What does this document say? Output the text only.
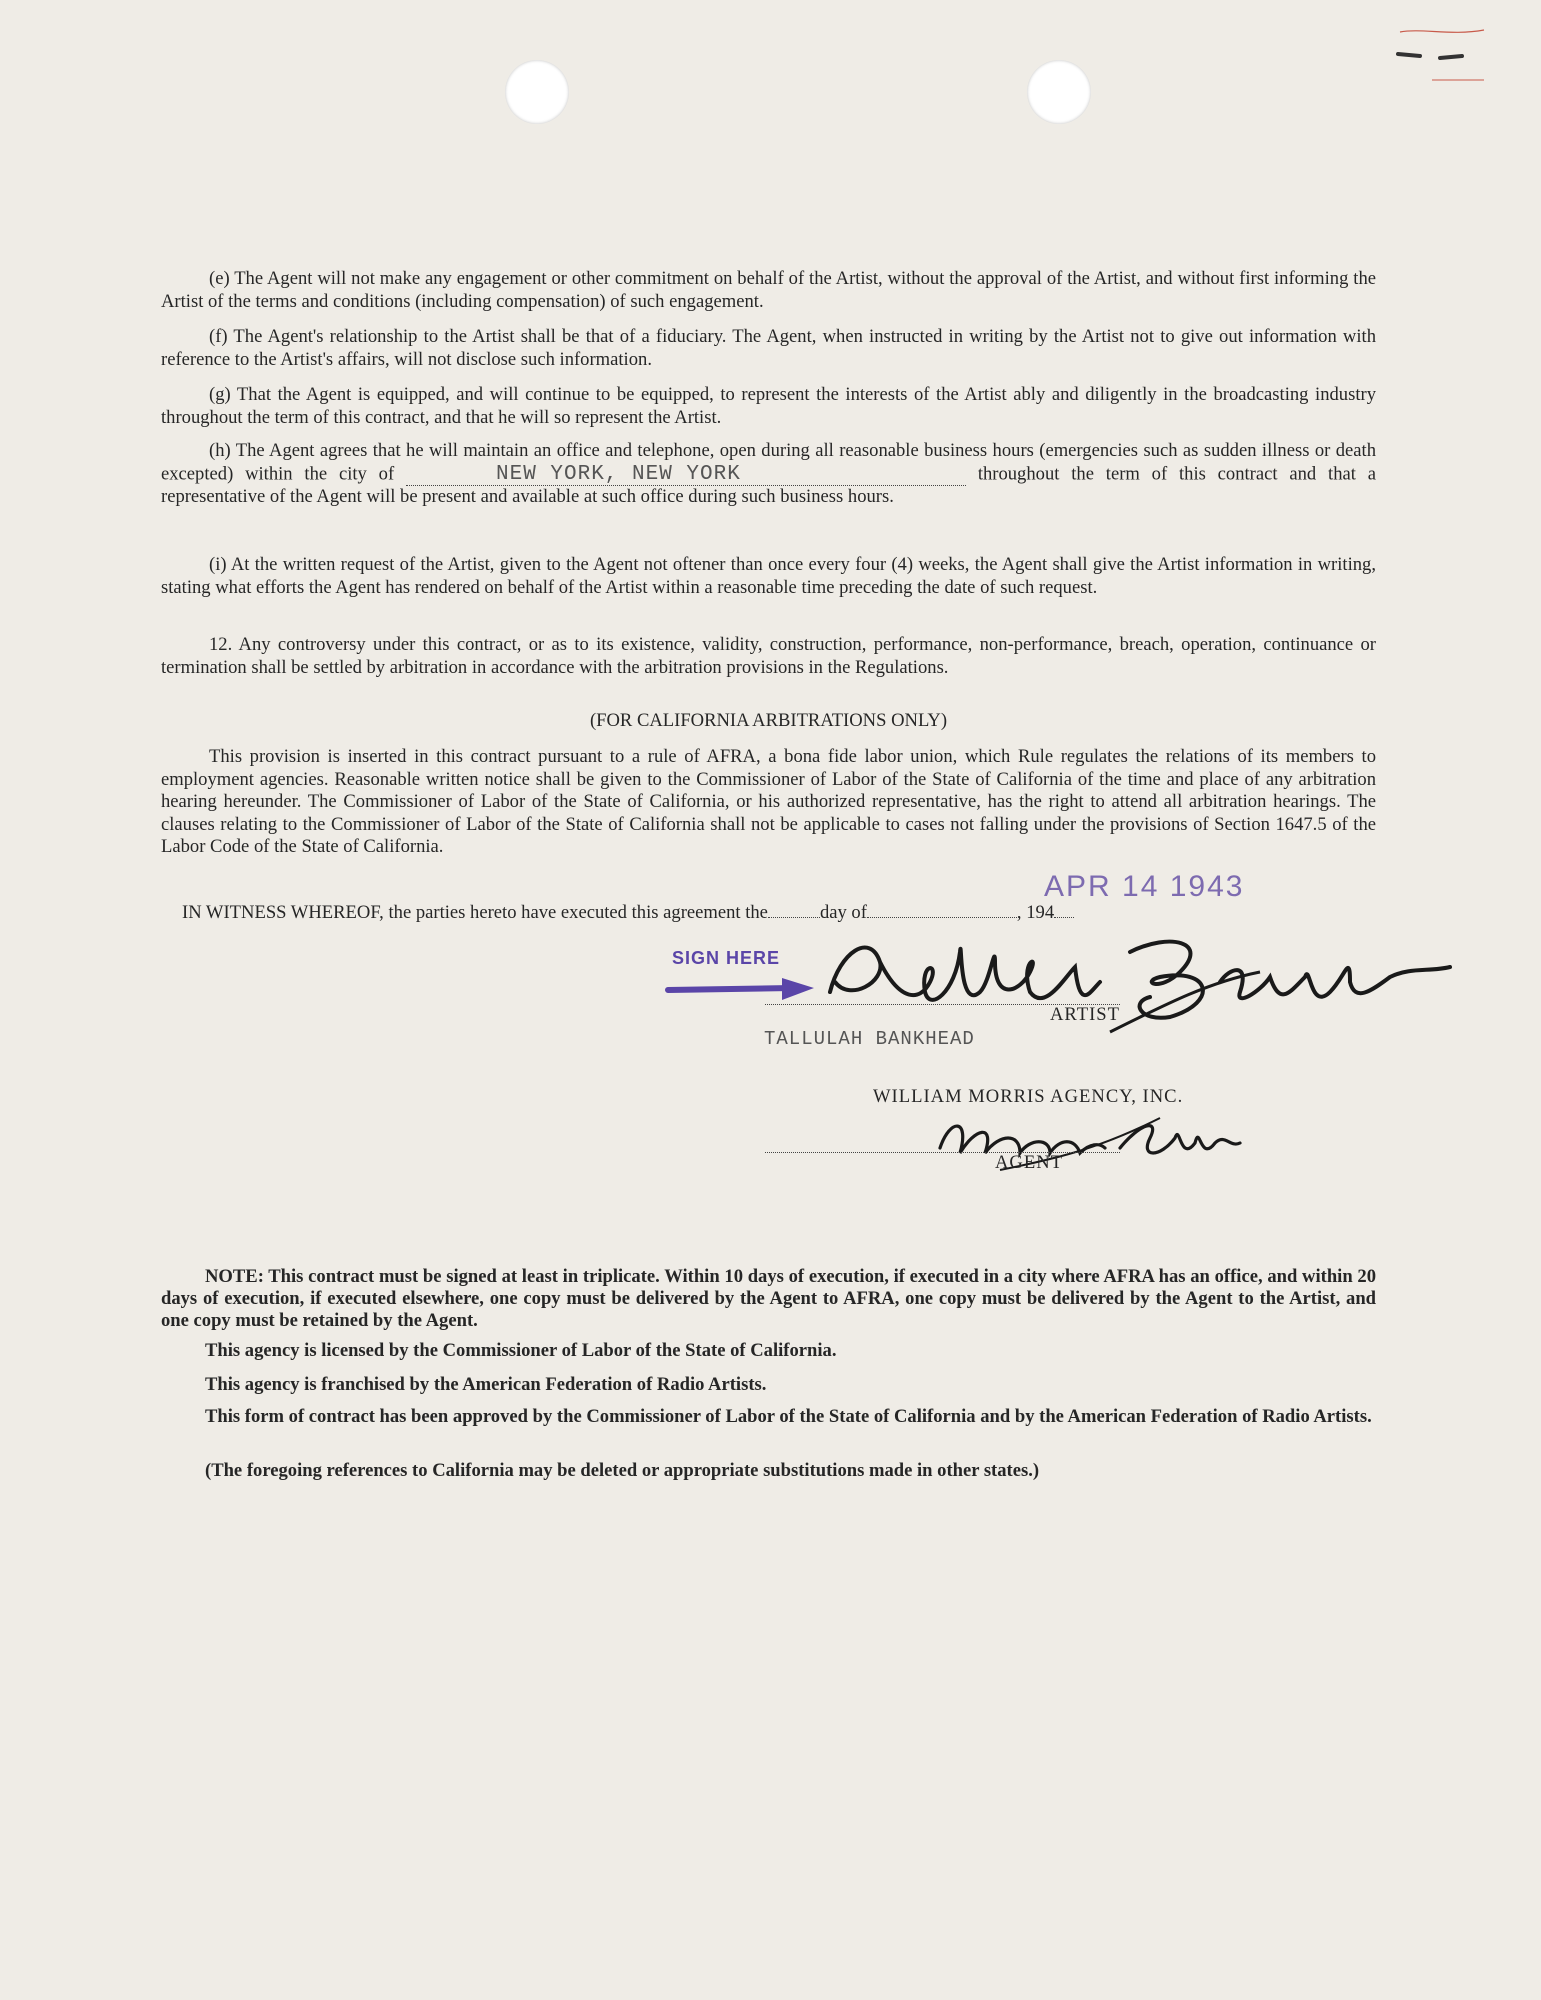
(e) The Agent will not make any engagement or other commitment on behalf of the Artist, without the approval of the Artist, and without first informing the Artist of the terms and conditions (including compensation) of such engagement.

(f) The Agent's relationship to the Artist shall be that of a fiduciary. The Agent, when instructed in writing by the Artist not to give out information with reference to the Artist's affairs, will not disclose such information.

(g) That the Agent is equipped, and will continue to be equipped, to represent the interests of the Artist ably and diligently in the broadcasting industry throughout the term of this contract, and that he will so represent the Artist.

(h) The Agent agrees that he will maintain an office and telephone, open during all reasonable business hours (emergencies such as sudden illness or death excepted) within the city of	NEW YORK, NEW YORK	throughout the term of this contract and that a representative of the Agent will be present and available at such office during such business hours.

(i) At the written request of the Artist, given to the Agent not oftener than once every four (4) weeks, the Agent shall give the Artist information in writing, stating what efforts the Agent has rendered on behalf of the Artist within a reasonable time preceding the date of such request.

12. Any controversy under this contract, or as to its existence, validity, construction, performance, non-performance, breach, operation, continuance or termination shall be settled by arbitration in accordance with the arbitration provisions in the Regulations.

(FOR CALIFORNIA ARBITRATIONS ONLY)

This provision is inserted in this contract pursuant to a rule of AFRA, a bona fide labor union, which Rule regulates the relations of its members to employment agencies. Reasonable written notice shall be given to the Commissioner of Labor of the State of California of the time and place of any arbitration hearing hereunder. The Commissioner of Labor of the State of California, or his authorized representative, has the right to attend all arbitration hearings. The clauses relating to the Commissioner of Labor of the State of California shall not be applicable to cases not falling under the provisions of Section 1647.5 of the Labor Code of the State of California.

APR 14 1943
IN WITNESS WHEREOF, the parties hereto have executed this agreement the	day of	, 194
SIGN HERE
ARTIST
TALLULAH BANKHEAD
WILLIAM MORRIS AGENCY, INC.
AGENT

NOTE: This contract must be signed at least in triplicate. Within 10 days of execution, if executed in a city where AFRA has an office, and within 20 days of execution, if executed elsewhere, one copy must be delivered by the Agent to AFRA, one copy must be delivered by the Agent to the Artist, and one copy must be retained by the Agent.

This agency is licensed by the Commissioner of Labor of the State of California.

This agency is franchised by the American Federation of Radio Artists.

This form of contract has been approved by the Commissioner of Labor of the State of California and by the American Federation of Radio Artists.

(The foregoing references to California may be deleted or appropriate substitutions made in other states.)
